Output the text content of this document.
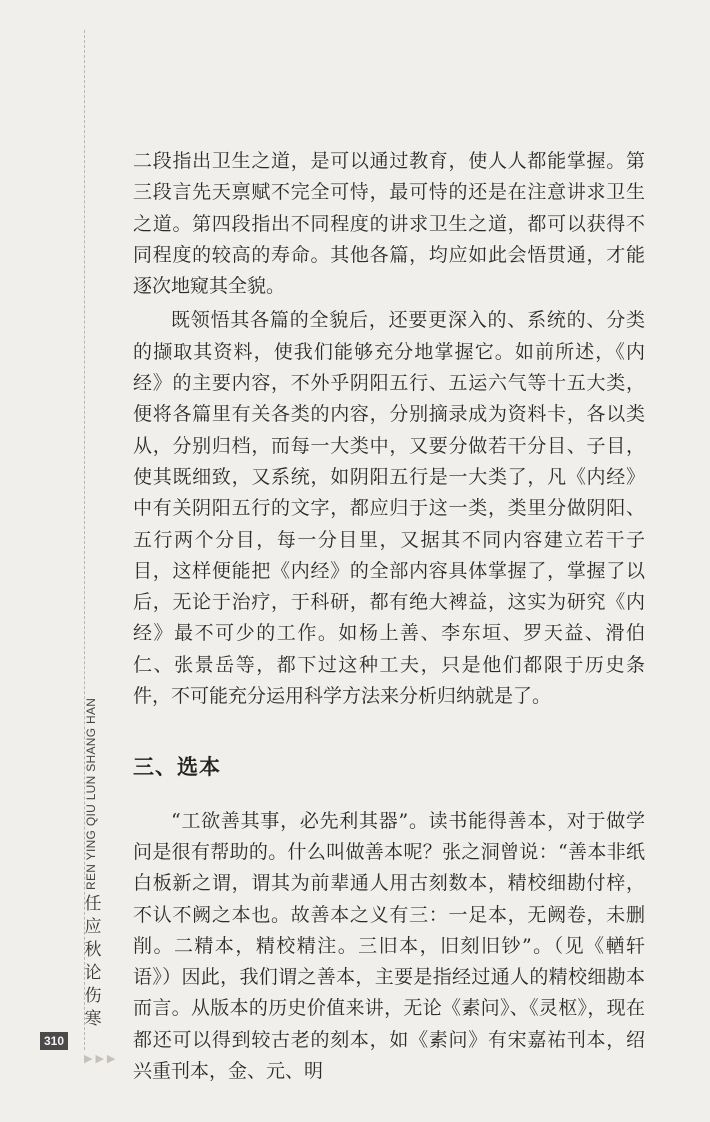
REN YING QIU LUN SHANG HAN
任应秋论伤寒
310
▶▶▶

二段指出卫生之道，是可以通过教育，使人人都能掌握。第三段言先天禀赋不完全可恃，最可恃的还是在注意讲求卫生之道。第四段指出不同程度的讲求卫生之道，都可以获得不同程度的较高的寿命。其他各篇，均应如此会悟贯通，才能逐次地窥其全貌。

既领悟其各篇的全貌后，还要更深入的、系统的、分类的撷取其资料，使我们能够充分地掌握它。如前所述，《内经》的主要内容，不外乎阴阳五行、五运六气等十五大类，便将各篇里有关各类的内容，分别摘录成为资料卡，各以类从，分别归档，而每一大类中，又要分做若干分目、子目，使其既细致，又系统，如阴阳五行是一大类了，凡《内经》中有关阴阳五行的文字，都应归于这一类，类里分做阴阳、五行两个分目，每一分目里，又据其不同内容建立若干子目，这样便能把《内经》的全部内容具体掌握了，掌握了以后，无论于治疗，于科研，都有绝大裨益，这实为研究《内经》最不可少的工作。如杨上善、李东垣、罗天益、滑伯仁、张景岳等，都下过这种工夫，只是他们都限于历史条件，不可能充分运用科学方法来分析归纳就是了。

三、选本

“工欲善其事，必先利其器”。读书能得善本，对于做学问是很有帮助的。什么叫做善本呢？张之洞曾说：“善本非纸白板新之谓，谓其为前辈通人用古刻数本，精校细勘付梓，不认不阙之本也。故善本之义有三：一足本，无阙卷，未删削。二精本，精校精注。三旧本，旧刻旧钞”。（见《輶轩语》）因此，我们谓之善本，主要是指经过通人的精校细勘本而言。从版本的历史价值来讲，无论《素问》、《灵枢》，现在都还可以得到较古老的刻本，如《素问》有宋嘉祐刊本，绍兴重刊本，金、元、明
